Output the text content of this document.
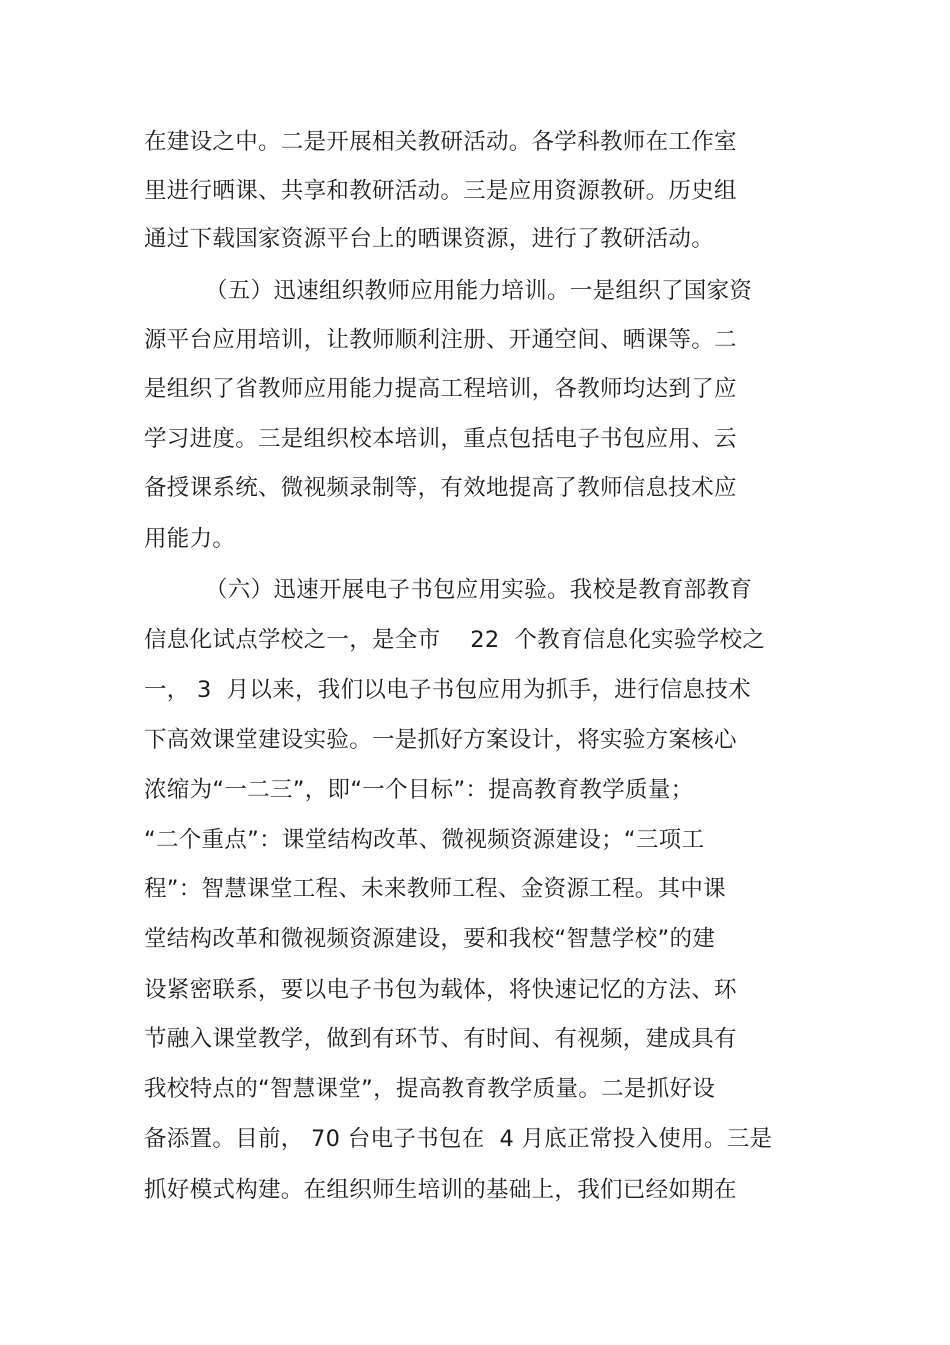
在建设之中。二是开展相关教研活动。各学科教师在工作室
里进行晒课、共享和教研活动。三是应用资源教研。历史组
通过下载国家资源平台上的晒课资源，进行了教研活动。
（五）迅速组织教师应用能力培训。一是组织了国家资
源平台应用培训，让教师顺利注册、开通空间、晒课等。二
是组织了省教师应用能力提高工程培训，各教师均达到了应
学习进度。三是组织校本培训，重点包括电子书包应用、云
备授课系统、微视频录制等，有效地提高了教师信息技术应
用能力。
（六）迅速开展电子书包应用实验。我校是教育部教育
信息化试点学校之一，是全市    22  个教育信息化实验学校之
一， 3  月以来，我们以电子书包应用为抓手，进行信息技术
下高效课堂建设实验。一是抓好方案设计，将实验方案核心
浓缩为“一二三”，即“一个目标”：提高教育教学质量；
“二个重点”：课堂结构改革、微视频资源建设；“三项工
程”：智慧课堂工程、未来教师工程、金资源工程。其中课
堂结构改革和微视频资源建设，要和我校“智慧学校”的建
设紧密联系，要以电子书包为载体，将快速记忆的方法、环
节融入课堂教学，做到有环节、有时间、有视频，建成具有
我校特点的“智慧课堂”，提高教育教学质量。二是抓好设
备添置。目前， 70 台电子书包在  4 月底正常投入使用。三是
抓好模式构建。在组织师生培训的基础上，我们已经如期在
